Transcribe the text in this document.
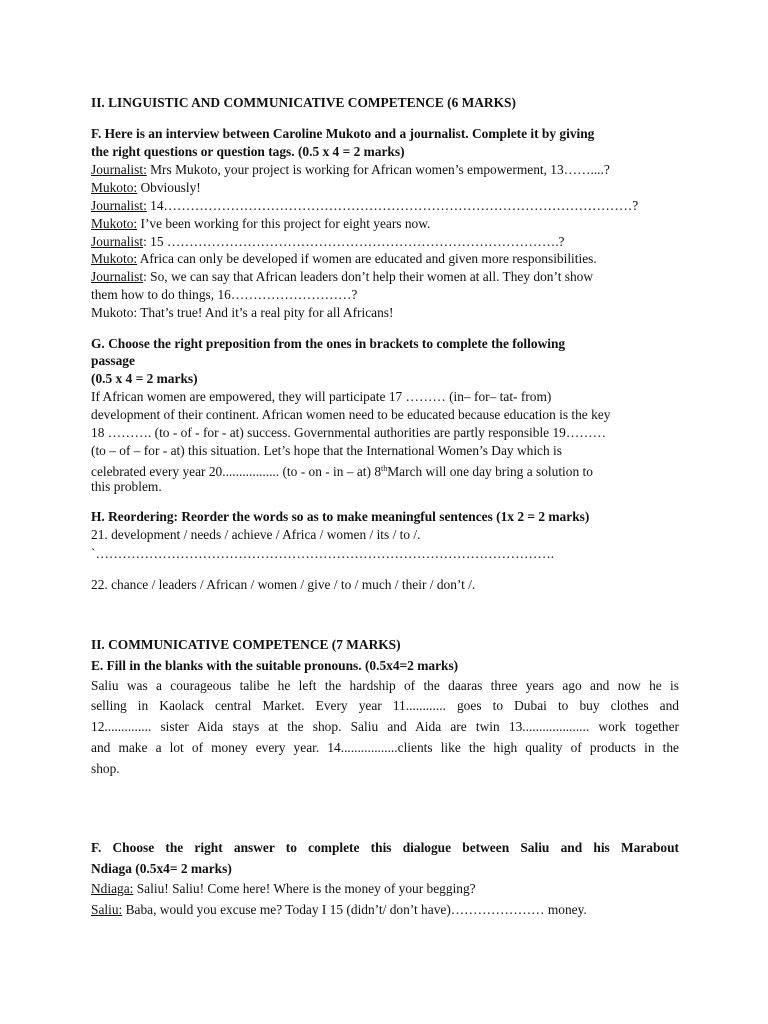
II. LINGUISTIC AND COMMUNICATIVE COMPETENCE (6 MARKS)
F. Here is an interview between Caroline Mukoto and a journalist. Complete it by giving
the right questions or question tags. (0.5 x 4 = 2 marks)
Journalist: Mrs Mukoto, your project is working for African women’s empowerment, 13……....?
Mukoto: Obviously!
Journalist: 14……………………………………………………………………………………………?
Mukoto: I’ve been working for this project for eight years now.
Journalist: 15 …………………………………………………………………………….?
Mukoto: Africa can only be developed if women are educated and given more responsibilities.
Journalist: So, we can say that African leaders don’t help their women at all. They don’t show
them how to do things, 16………………………?
Mukoto: That’s true! And it’s a real pity for all Africans!
G. Choose the right preposition from the ones in brackets to complete the following
passage
(0.5 x 4 = 2 marks)
If African women are empowered, they will participate 17 ……… (in– for– tat- from)
development of their continent. African women need to be educated because education is the key
18 ………. (to - of - for - at) success. Governmental authorities are partly responsible 19………
(to – of – for - at) this situation. Let’s hope that the International Women’s Day which is
celebrated every year 20................. (to - on - in – at) 8thMarch will one day bring a solution to
this problem.
H. Reordering: Reorder the words so as to make meaningful sentences (1x 2 = 2 marks)
21. development / needs / achieve / Africa / women / its / to /.
`………………………………………………………………………………………….
22. chance / leaders / African / women / give / to / much / their / don’t /.
II. COMMUNICATIVE COMPETENCE (7 MARKS)
E. Fill in the blanks with the suitable pronouns. (0.5x4=2 marks)
Saliu was a courageous talibe he left the hardship of the daaras three years ago and now he is
selling in Kaolack central Market. Every year 11............ goes to Dubai to buy clothes and
12.............. sister Aida stays at the shop. Saliu and Aida are twin 13.................... work together
and make a lot of money every year. 14.................clients like the high quality of products in the
shop.
F. Choose the right answer to complete this dialogue between Saliu and his Marabout
Ndiaga (0.5x4= 2 marks)
Ndiaga: Saliu! Saliu! Come here! Where is the money of your begging?
Saliu: Baba, would you excuse me? Today I 15 (didn’t/ don’t have)………………… money.
